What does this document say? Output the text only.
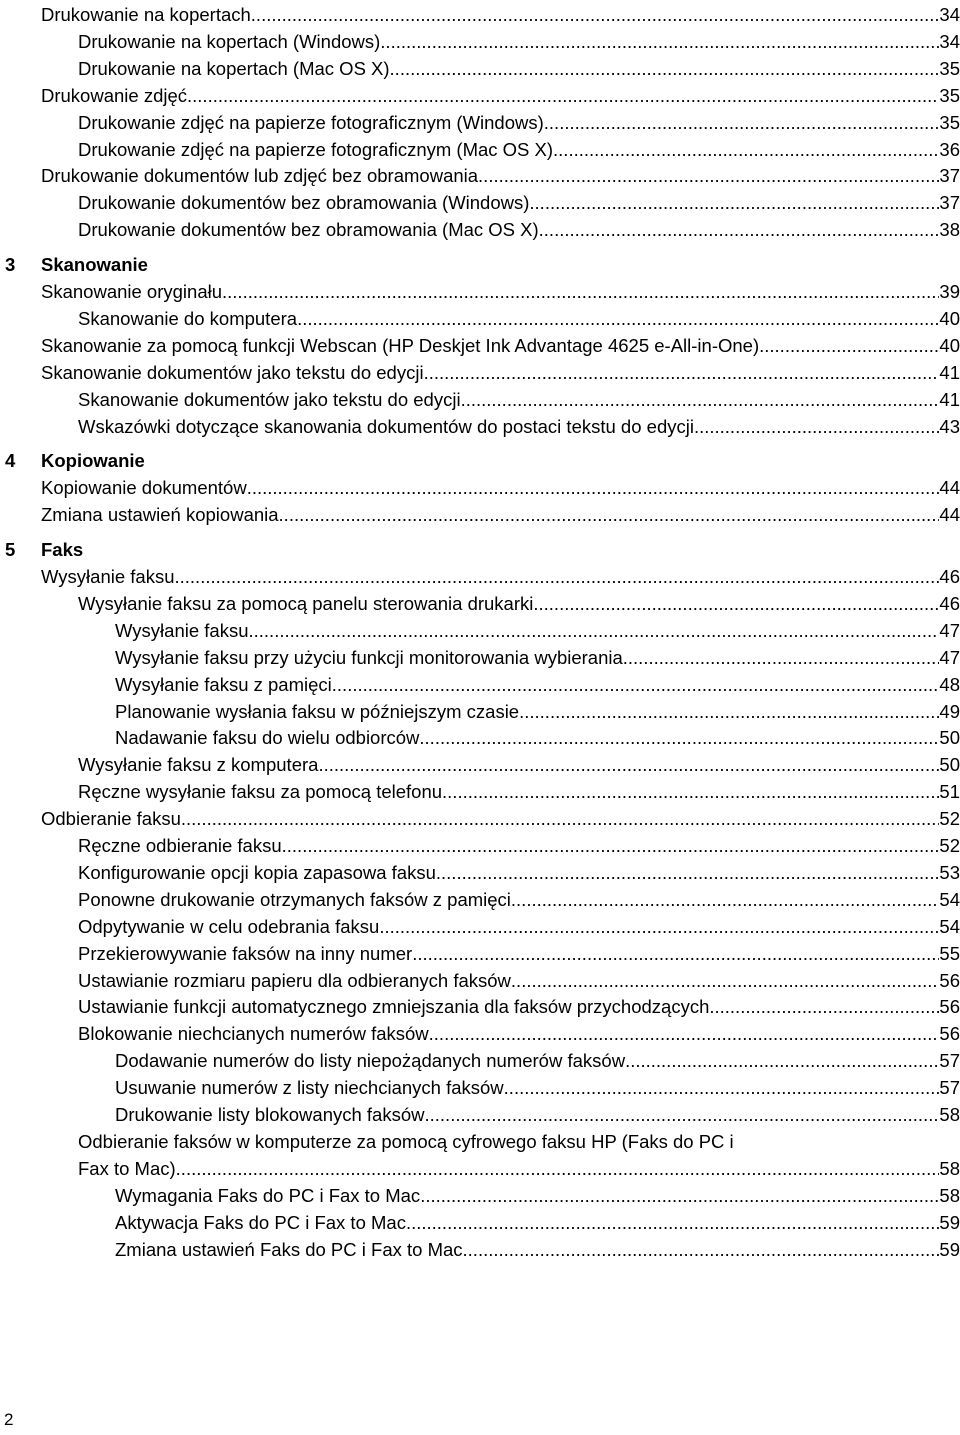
Drukowanie na kopertach .....	34
Drukowanie na kopertach (Windows) .....	34
Drukowanie na kopertach (Mac OS X) .....	35
Drukowanie zdjęć .....	35
Drukowanie zdjęć na papierze fotograficznym (Windows) .....	35
Drukowanie zdjęć na papierze fotograficznym (Mac OS X) .....	36
Drukowanie dokumentów lub zdjęć bez obramowania .....	37
Drukowanie dokumentów bez obramowania (Windows) .....	37
Drukowanie dokumentów bez obramowania (Mac OS X) .....	38
3 Skanowanie
Skanowanie oryginału .....	39
Skanowanie do komputera .....	40
Skanowanie za pomocą funkcji Webscan (HP Deskjet Ink Advantage 4625 e-All-in-One) .....	40
Skanowanie dokumentów jako tekstu do edycji .....	41
Skanowanie dokumentów jako tekstu do edycji .....	41
Wskazówki dotyczące skanowania dokumentów do postaci tekstu do edycji .....	43
4 Kopiowanie
Kopiowanie dokumentów .....	44
Zmiana ustawień kopiowania .....	44
5 Faks
Wysyłanie faksu .....	46
Wysyłanie faksu za pomocą panelu sterowania drukarki .....	46
Wysyłanie faksu .....	47
Wysyłanie faksu przy użyciu funkcji monitorowania wybierania .....	47
Wysyłanie faksu z pamięci .....	48
Planowanie wysłania faksu w późniejszym czasie .....	49
Nadawanie faksu do wielu odbiorców .....	50
Wysyłanie faksu z komputera .....	50
Ręczne wysyłanie faksu za pomocą telefonu .....	51
Odbieranie faksu .....	52
Ręczne odbieranie faksu .....	52
Konfigurowanie opcji kopia zapasowa faksu .....	53
Ponowne drukowanie otrzymanych faksów z pamięci .....	54
Odpytywanie w celu odebrania faksu .....	54
Przekierowywanie faksów na inny numer .....	55
Ustawianie rozmiaru papieru dla odbieranych faksów .....	56
Ustawianie funkcji automatycznego zmniejszania dla faksów przychodzących .....	56
Blokowanie niechcianych numerów faksów .....	56
Dodawanie numerów do listy niepożądanych numerów faksów .....	57
Usuwanie numerów z listy niechcianych faksów .....	57
Drukowanie listy blokowanych faksów .....	58
Odbieranie faksów w komputerze za pomocą cyfrowego faksu HP (Faks do PC i
Fax to Mac) .....	58
Wymagania Faks do PC i Fax to Mac .....	58
Aktywacja Faks do PC i Fax to Mac .....	59
Zmiana ustawień Faks do PC i Fax to Mac .....	59
2
